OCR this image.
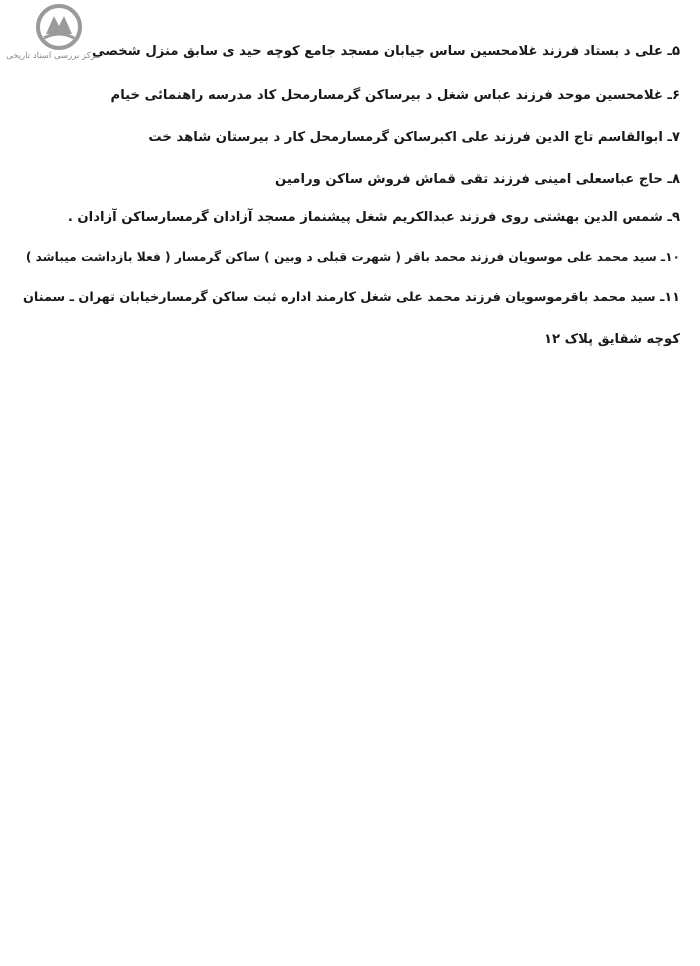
مرکز بررسی اسناد تاریخی
۵ـ علی د بستاد فرزند غلامحسین ساس جیابان مسجد جامع کوچه حید ی سابق منزل شخصی
۶ـ غلامحسین موحد فرزند عباس شغل د بیرساکن گرمسارمحل کاد مدرسه راهنمائی خیام
۷ـ ابوالقاسم تاج الدین فرزند علی اکبرساکن گرمسارمحل کار د بیرستان شاهد خت
۸ـ حاج عباسعلی امینی فرزند تقی قماش فروش ساکن ورامین
۹ـ شمس الدین بهشتی روی فرزند عبدالکریم شغل پیشنماز مسجد آزادان گرمسارساکن آزادان .
۱۰ـ سید محمد علی موسویان فرزند محمد باقر ( شهرت قبلی د وبین ) ساکن گرمسار ( فعلا بازداشت میباشد )
۱۱ـ سید محمد باقرموسویان فرزند محمد علی شغل کارمند اداره ثبت ساکن گرمسارخیابان تهران ـ سمنان
کوچه شقایق پلاک ۱۲
